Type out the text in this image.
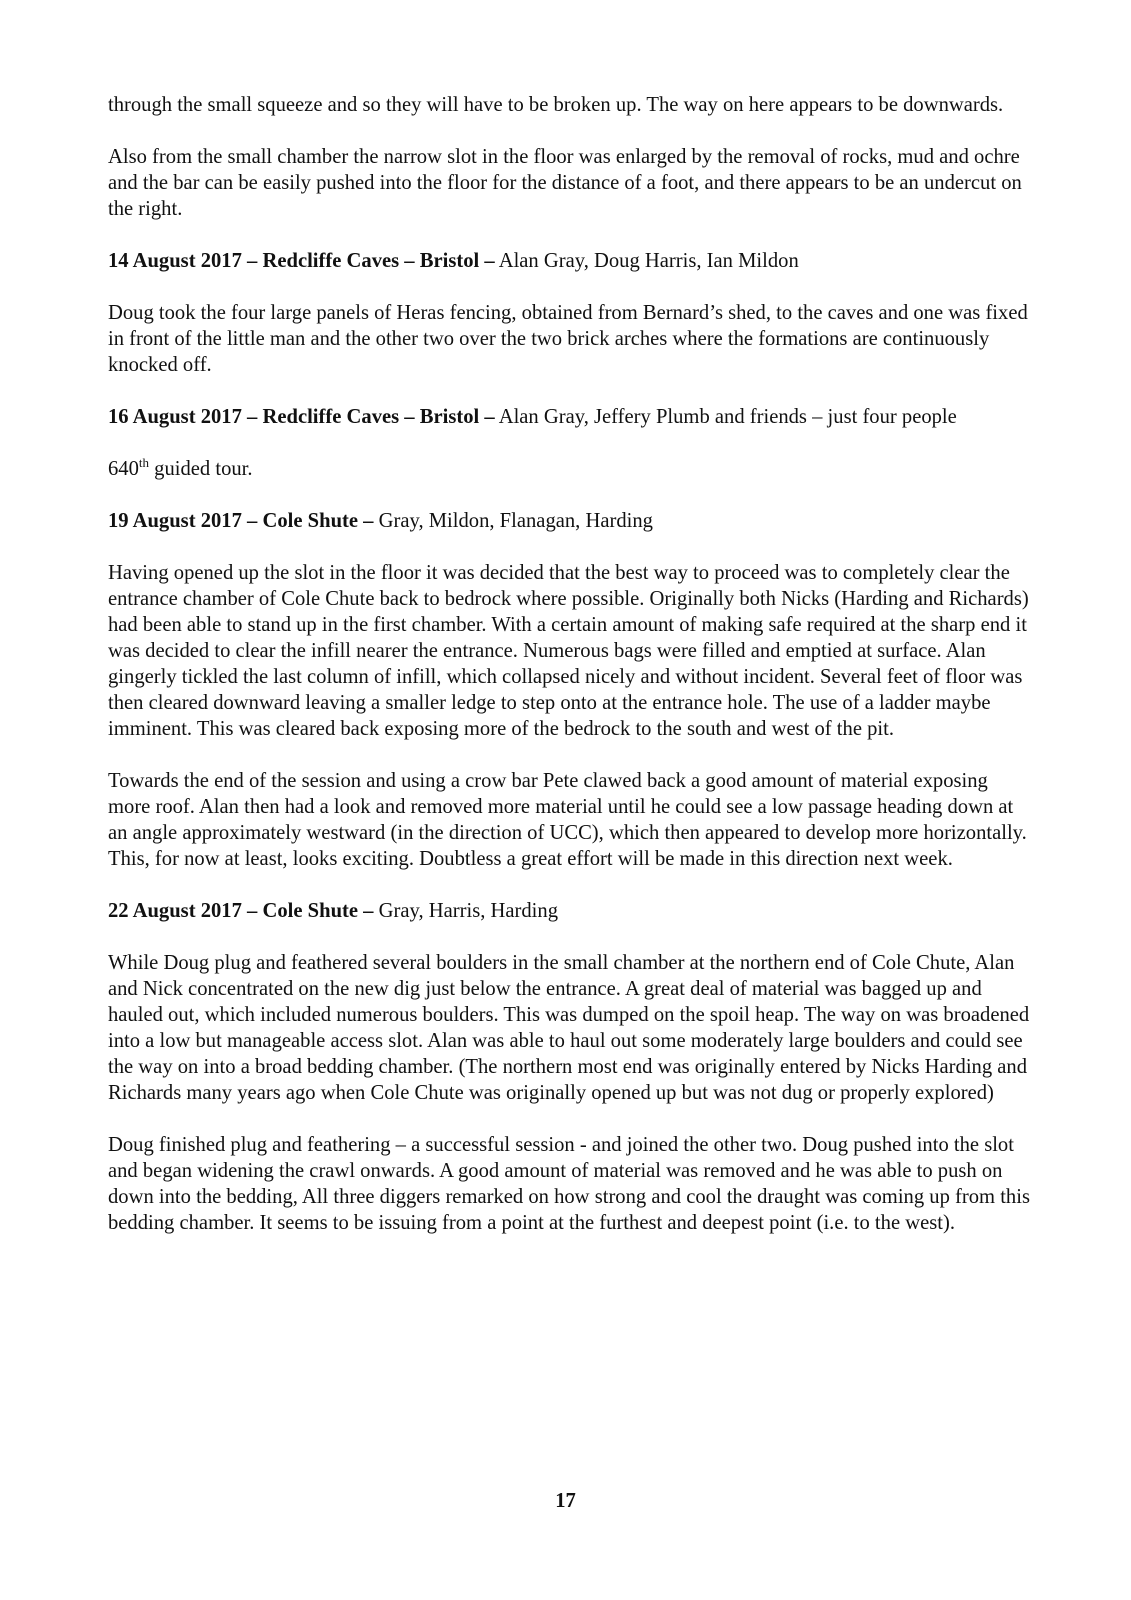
through the small squeeze and so they will have to be broken up. The way on here appears to be downwards.

Also from the small chamber the narrow slot in the floor was enlarged by the removal of rocks, mud and ochre and the bar can be easily pushed into the floor for the distance of a foot, and there appears to be an undercut on the right.

14 August 2017 – Redcliffe Caves – Bristol – Alan Gray, Doug Harris, Ian Mildon

Doug took the four large panels of Heras fencing, obtained from Bernard’s shed, to the caves and one was fixed in front of the little man and the other two over the two brick arches where the formations are continuously knocked off.

16 August 2017 – Redcliffe Caves – Bristol – Alan Gray, Jeffery Plumb and friends – just four people

640th guided tour.

19 August 2017 – Cole Shute – Gray, Mildon, Flanagan, Harding

Having opened up the slot in the floor it was decided that the best way to proceed was to completely clear the entrance chamber of Cole Chute back to bedrock where possible. Originally both Nicks (Harding and Richards) had been able to stand up in the first chamber. With a certain amount of making safe required at the sharp end it was decided to clear the infill nearer the entrance. Numerous bags were filled and emptied at surface. Alan gingerly tickled the last column of infill, which collapsed nicely and without incident. Several feet of floor was then cleared downward leaving a smaller ledge to step onto at the entrance hole. The use of a ladder maybe imminent. This was cleared back exposing more of the bedrock to the south and west of the pit.

Towards the end of the session and using a crow bar Pete clawed back a good amount of material exposing more roof. Alan then had a look and removed more material until he could see a low passage heading down at an angle approximately westward (in the direction of UCC), which then appeared to develop more horizontally. This, for now at least, looks exciting. Doubtless a great effort will be made in this direction next week.

22 August 2017 – Cole Shute – Gray, Harris, Harding

While Doug plug and feathered several boulders in the small chamber at the northern end of Cole Chute, Alan and Nick concentrated on the new dig just below the entrance. A great deal of material was bagged up and hauled out, which included numerous boulders. This was dumped on the spoil heap. The way on was broadened into a low but manageable access slot. Alan was able to haul out some moderately large boulders and could see the way on into a broad bedding chamber. (The northern most end was originally entered by Nicks Harding and Richards many years ago when Cole Chute was originally opened up but was not dug or properly explored)

Doug finished plug and feathering – a successful session - and joined the other two. Doug pushed into the slot and began widening the crawl onwards. A good amount of material was removed and he was able to push on down into the bedding, All three diggers remarked on how strong and cool the draught was coming up from this bedding chamber. It seems to be issuing from a point at the furthest and deepest point (i.e. to the west).

17
